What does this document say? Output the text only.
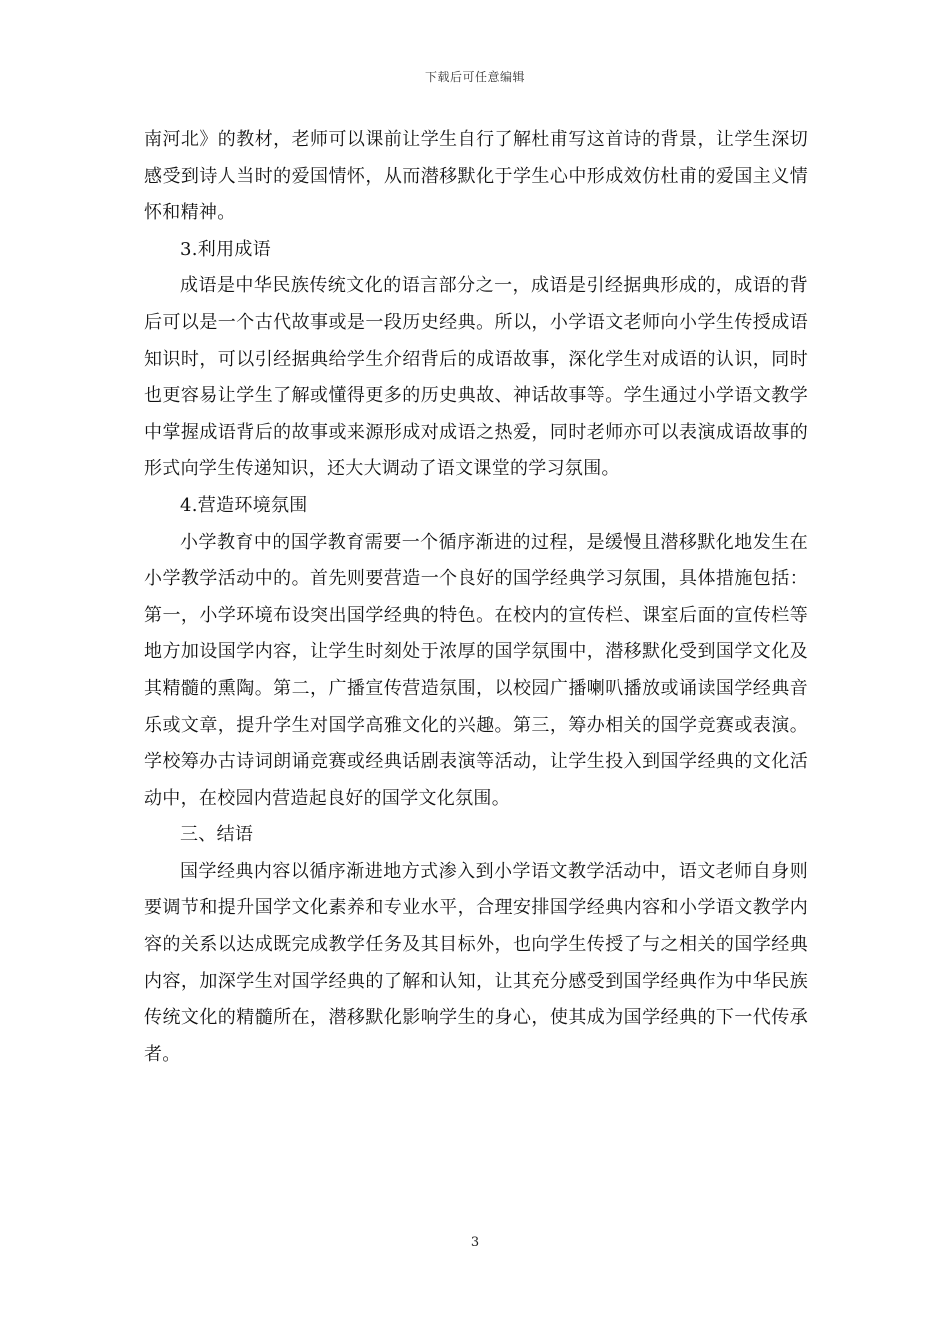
下载后可任意编辑

南河北》的教材，老师可以课前让学生自行了解杜甫写这首诗的背景，让学生深切感受到诗人当时的爱国情怀，从而潜移默化于学生心中形成效仿杜甫的爱国主义情怀和精神。

3.利用成语

成语是中华民族传统文化的语言部分之一，成语是引经据典形成的，成语的背后可以是一个古代故事或是一段历史经典。所以，小学语文老师向小学生传授成语知识时，可以引经据典给学生介绍背后的成语故事，深化学生对成语的认识，同时也更容易让学生了解或懂得更多的历史典故、神话故事等。学生通过小学语文教学中掌握成语背后的故事或来源形成对成语之热爱，同时老师亦可以表演成语故事的形式向学生传递知识，还大大调动了语文课堂的学习氛围。

4.营造环境氛围

小学教育中的国学教育需要一个循序渐进的过程，是缓慢且潜移默化地发生在小学教学活动中的。首先则要营造一个良好的国学经典学习氛围，具体措施包括：第一，小学环境布设突出国学经典的特色。在校内的宣传栏、课室后面的宣传栏等地方加设国学内容，让学生时刻处于浓厚的国学氛围中，潜移默化受到国学文化及其精髓的熏陶。第二，广播宣传营造氛围，以校园广播喇叭播放或诵读国学经典音乐或文章，提升学生对国学高雅文化的兴趣。第三，筹办相关的国学竞赛或表演。学校筹办古诗词朗诵竞赛或经典话剧表演等活动，让学生投入到国学经典的文化活动中，在校园内营造起良好的国学文化氛围。

三、结语

国学经典内容以循序渐进地方式渗入到小学语文教学活动中，语文老师自身则要调节和提升国学文化素养和专业水平，合理安排国学经典内容和小学语文教学内容的关系以达成既完成教学任务及其目标外，也向学生传授了与之相关的国学经典内容，加深学生对国学经典的了解和认知，让其充分感受到国学经典作为中华民族传统文化的精髓所在，潜移默化影响学生的身心，使其成为国学经典的下一代传承者。

3
